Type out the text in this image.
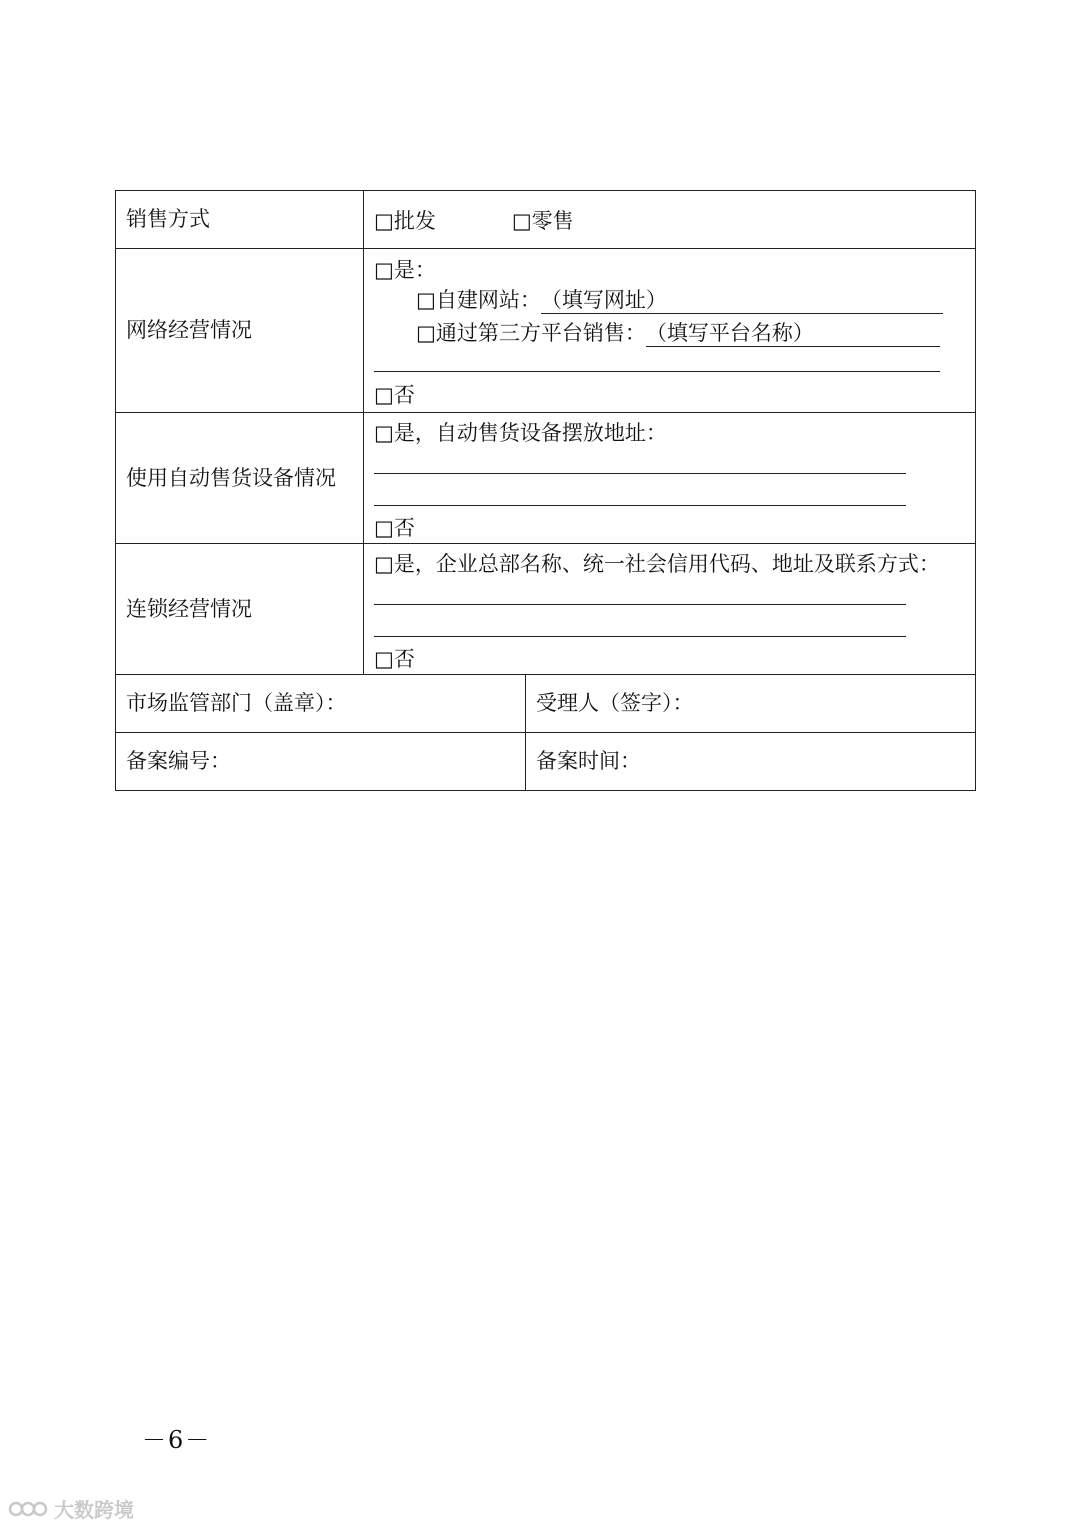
销售方式	□批发 □零售	

网络经营情况	□是：
□自建网站：（填写网址）
□通过第三方平台销售：（填写平台名称）
□否	

使用自动售货设备情况	□是，自动售货设备摆放地址：
□否	

连锁经营情况	□是，企业总部名称、统一社会信用代码、地址及联系方式：
□否	

市场监管部门（盖章）：		受理人（签字）：
备案编号：		备案时间：
－6－
大数跨境
